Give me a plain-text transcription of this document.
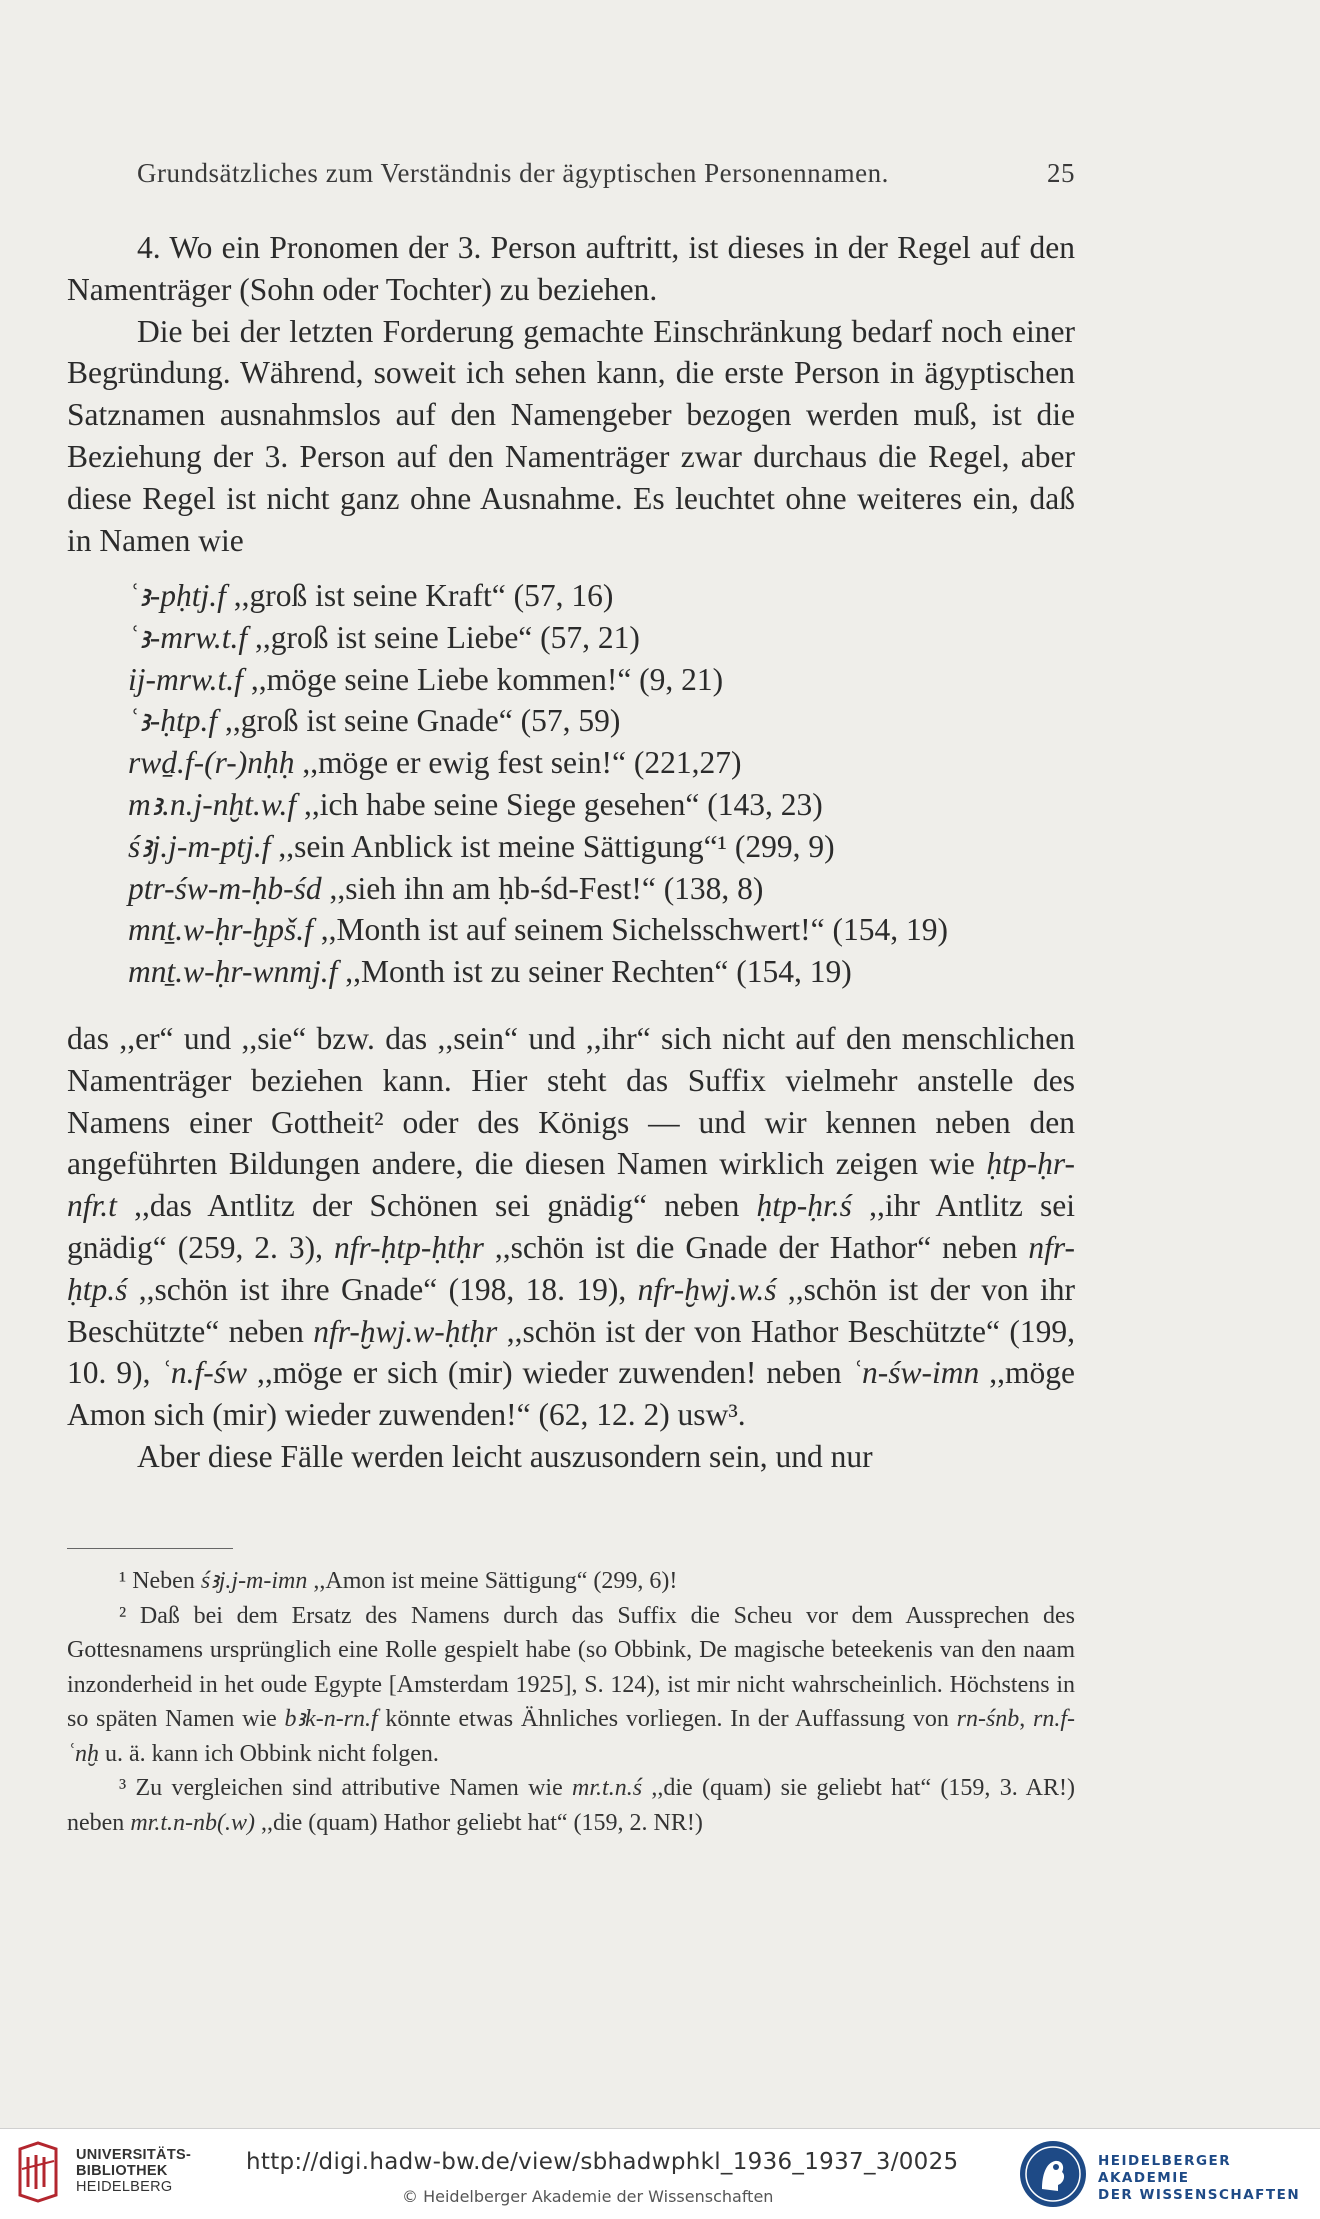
Grundsätzliches zum Verständnis der ägyptischen Personennamen.	25

4. Wo ein Pronomen der 3. Person auftritt, ist dieses in der Regel auf den Namenträger (Sohn oder Tochter) zu beziehen.

Die bei der letzten Forderung gemachte Einschränkung bedarf noch einer Begründung. Während, soweit ich sehen kann, die erste Person in ägyptischen Satznamen ausnahmslos auf den Namengeber bezogen werden muß, ist die Beziehung der 3. Person auf den Namenträger zwar durchaus die Regel, aber diese Regel ist nicht ganz ohne Ausnahme. Es leuchtet ohne weiteres ein, daß in Namen wie

ʿꜣ-pḥtj.f ,,groß ist seine Kraft“ (57, 16)
ʿꜣ-mrw.t.f ,,groß ist seine Liebe“ (57, 21)
ij-mrw.t.f ,,möge seine Liebe kommen!“ (9, 21)
ʿꜣ-ḥtp.f ,,groß ist seine Gnade“ (57, 59)
rwḏ.f-(r-)nḥḥ ,,möge er ewig fest sein!“ (221,27)
mꜣ.n.j-nḫt.w.f ,,ich habe seine Siege gesehen“ (143, 23)
śꜣj.j-m-ptj.f ,,sein Anblick ist meine Sättigung“¹ (299, 9)
ptr-św-m-ḥb-śd ,,sieh ihn am ḥb-śd-Fest!“ (138, 8)
mnṯ.w-ḥr-ḫpš.f ,,Month ist auf seinem Sichelsschwert!“ (154, 19)
mnṯ.w-ḥr-wnmj.f ,,Month ist zu seiner Rechten“ (154, 19)

das ,,er“ und ,,sie“ bzw. das ,,sein“ und ,,ihr“ sich nicht auf den menschlichen Namenträger beziehen kann. Hier steht das Suffix vielmehr anstelle des Namens einer Gottheit² oder des Königs — und wir kennen neben den angeführten Bildungen andere, die diesen Namen wirklich zeigen wie ḥtp-ḥr-nfr.t ,,das Antlitz der Schönen sei gnädig“ neben ḥtp-ḥr.ś ,,ihr Antlitz sei gnädig“ (259, 2. 3), nfr-ḥtp-ḥtḥr ,,schön ist die Gnade der Hathor“ neben nfr-ḥtp.ś ,,schön ist ihre Gnade“ (198, 18. 19), nfr-ḫwj.w.ś ,,schön ist der von ihr Beschützte“ neben nfr-ḫwj.w-ḥtḥr ,,schön ist der von Hathor Beschützte“ (199, 10. 9), ʿn.f-św ,,möge er sich (mir) wieder zuwenden! neben ʿn-św-imn ,,möge Amon sich (mir) wieder zuwenden!“ (62, 12. 2) usw³.

Aber diese Fälle werden leicht auszusondern sein, und nur

¹ Neben śꜣj.j-m-imn ,,Amon ist meine Sättigung“ (299, 6)!

² Daß bei dem Ersatz des Namens durch das Suffix die Scheu vor dem Aussprechen des Gottesnamens ursprünglich eine Rolle gespielt habe (so Obbink, De magische beteekenis van den naam inzonderheid in het oude Egypte [Amsterdam 1925], S. 124), ist mir nicht wahrscheinlich. Höchstens in so späten Namen wie bꜣk-n-rn.f könnte etwas Ähnliches vorliegen. In der Auffassung von rn-śnb, rn.f-ʿnḫ u. ä. kann ich Obbink nicht folgen.

³ Zu vergleichen sind attributive Namen wie mr.t.n.ś ,,die (quam) sie geliebt hat“ (159, 3. AR!) neben mr.t.n-nb(.w) ,,die (quam) Hathor geliebt hat“ (159, 2. NR!)

UNIVERSITÄTS-
BIBLIOTHEK
HEIDELBERG
http://digi.hadw-bw.de/view/sbhadwphkl_1936_1937_3/0025
© Heidelberger Akademie der Wissenschaften
HEIDELBERGER AKADEMIE
DER WISSENSCHAFTEN
